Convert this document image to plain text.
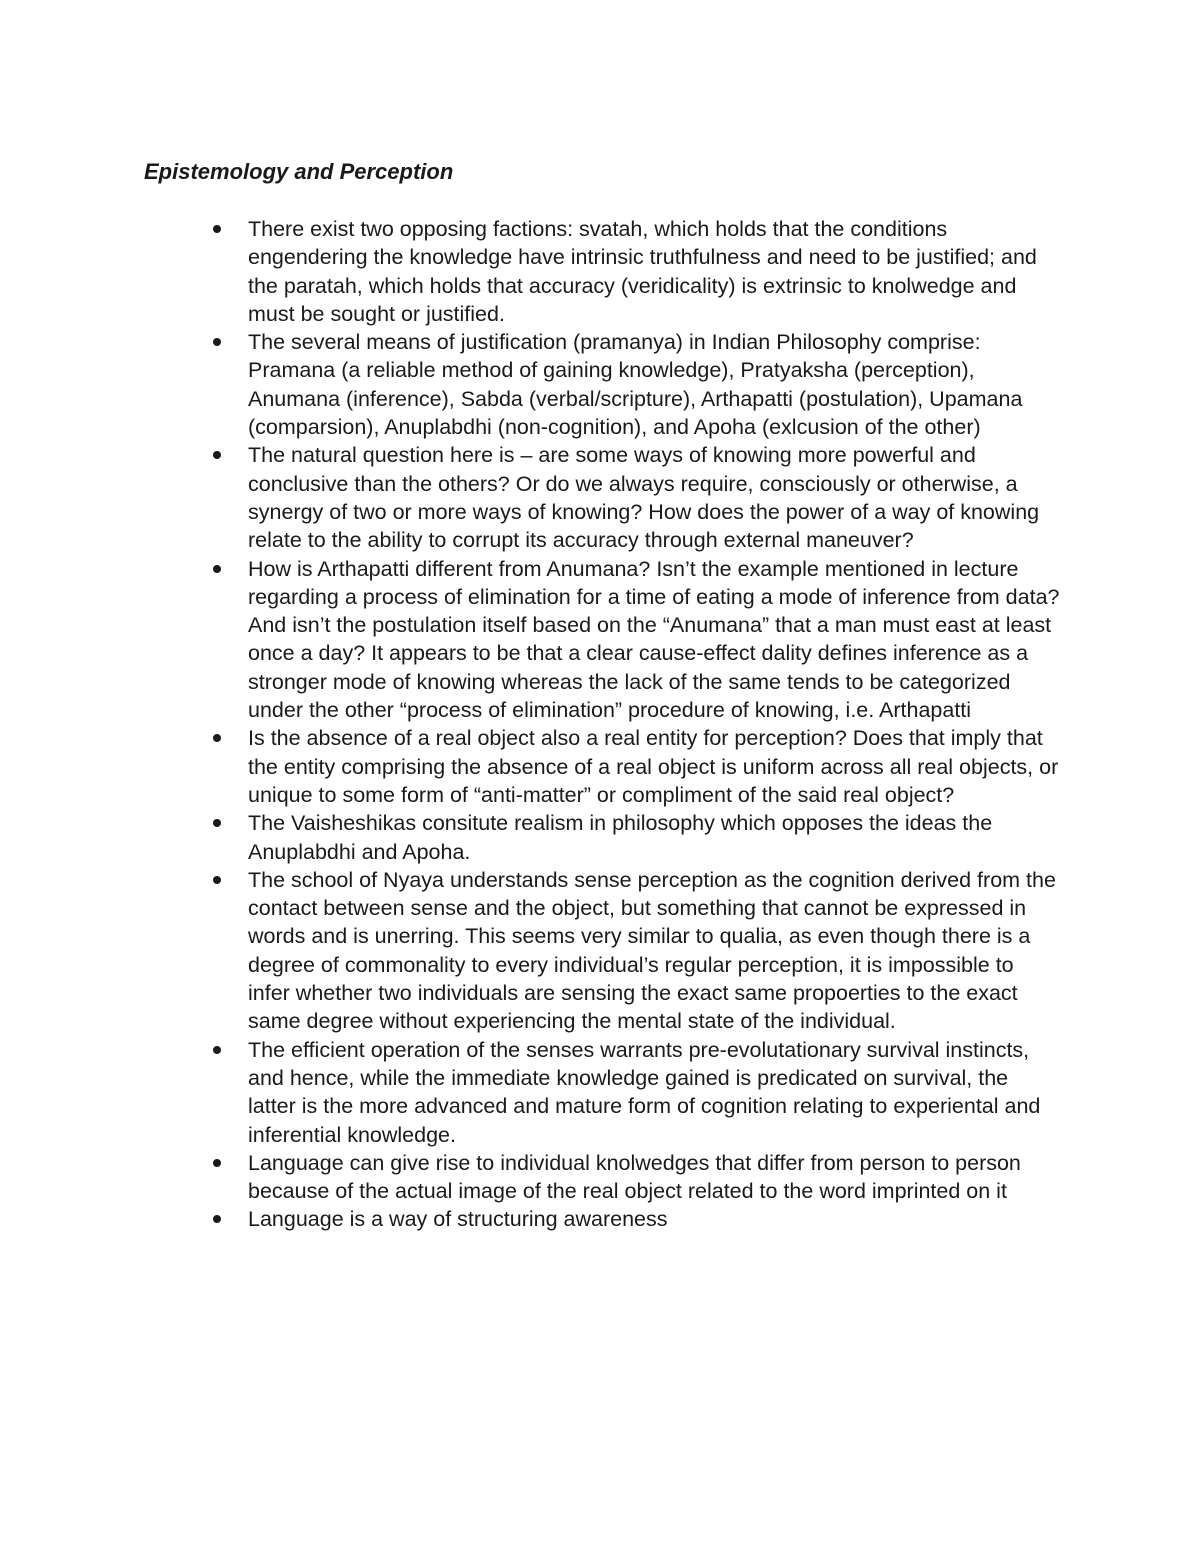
Epistemology and Perception
There exist two opposing factions: svatah, which holds that the conditions engendering the knowledge have intrinsic truthfulness and need to be justified; and the paratah, which holds that accuracy (veridicality) is extrinsic to knolwedge and must be sought or justified.
The several means of justification (pramanya) in Indian Philosophy comprise: Pramana (a reliable method of gaining knowledge), Pratyaksha (perception), Anumana (inference), Sabda (verbal/scripture), Arthapatti (postulation), Upamana (comparsion), Anuplabdhi (non-cognition), and Apoha (exlcusion of the other)
The natural question here is – are some ways of knowing more powerful and conclusive than the others? Or do we always require, consciously or otherwise, a synergy of two or more ways of knowing? How does the power of a way of knowing relate to the ability to corrupt its accuracy through external maneuver?
How is Arthapatti different from Anumana? Isn’t the example mentioned in lecture regarding a process of elimination for a time of eating a mode of inference from data? And isn’t the postulation itself based on the “Anumana” that a man must east at least once a day? It appears to be that a clear cause-effect dality defines inference as a stronger mode of knowing whereas the lack of the same tends to be categorized under the other “process of elimination” procedure of knowing, i.e. Arthapatti
Is the absence of a real object also a real entity for perception? Does that imply that the entity comprising the absence of a real object is uniform across all real objects, or unique to some form of “anti-matter” or compliment of the said real object?
The Vaisheshikas consitute realism in philosophy which opposes the ideas the Anuplabdhi and Apoha.
The school of Nyaya understands sense perception as the cognition derived from the contact between sense and the object, but something that cannot be expressed in words and is unerring. This seems very similar to qualia, as even though there is a degree of commonality to every individual’s regular perception, it is impossible to infer whether two individuals are sensing the exact same propoerties to the exact same degree without experiencing the mental state of the individual.
The efficient operation of the senses warrants pre-evolutationary survival instincts, and hence, while the immediate knowledge gained is predicated on survival, the latter is the more advanced and mature form of cognition relating to experiental and inferential knowledge.
Language can give rise to individual knolwedges that differ from person to person because of the actual image of the real object related to the word imprinted on it
Language is a way of structuring awareness
